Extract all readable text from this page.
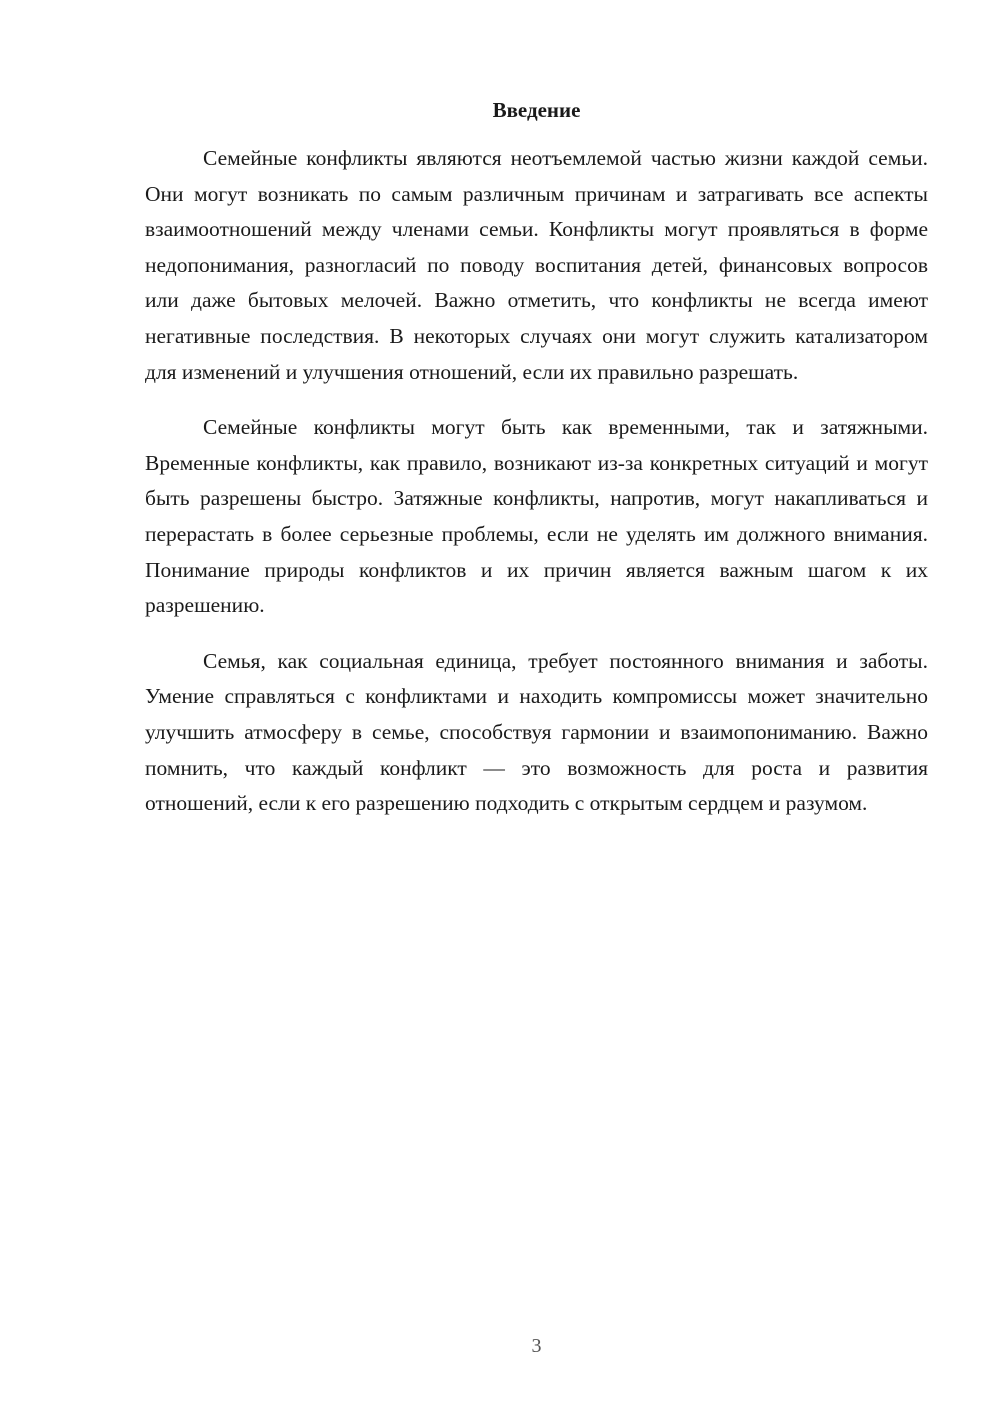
Введение

Семейные конфликты являются неотъемлемой частью жизни каждой семьи. Они могут возникать по самым различным причинам и затрагивать все аспекты взаимоотношений между членами семьи. Конфликты могут проявляться в форме недопонимания, разногласий по поводу воспитания детей, финансовых вопросов или даже бытовых мелочей. Важно отметить, что конфликты не всегда имеют негативные последствия. В некоторых случаях они могут служить катализатором для изменений и улучшения отношений, если их правильно разрешать.

Семейные конфликты могут быть как временными, так и затяжными. Временные конфликты, как правило, возникают из-за конкретных ситуаций и могут быть разрешены быстро. Затяжные конфликты, напротив, могут накапливаться и перерастать в более серьезные проблемы, если не уделять им должного внимания. Понимание природы конфликтов и их причин является важным шагом к их разрешению.

Семья, как социальная единица, требует постоянного внимания и заботы. Умение справляться с конфликтами и находить компромиссы может значительно улучшить атмосферу в семье, способствуя гармонии и взаимопониманию. Важно помнить, что каждый конфликт — это возможность для роста и развития отношений, если к его разрешению подходить с открытым сердцем и разумом.

3
